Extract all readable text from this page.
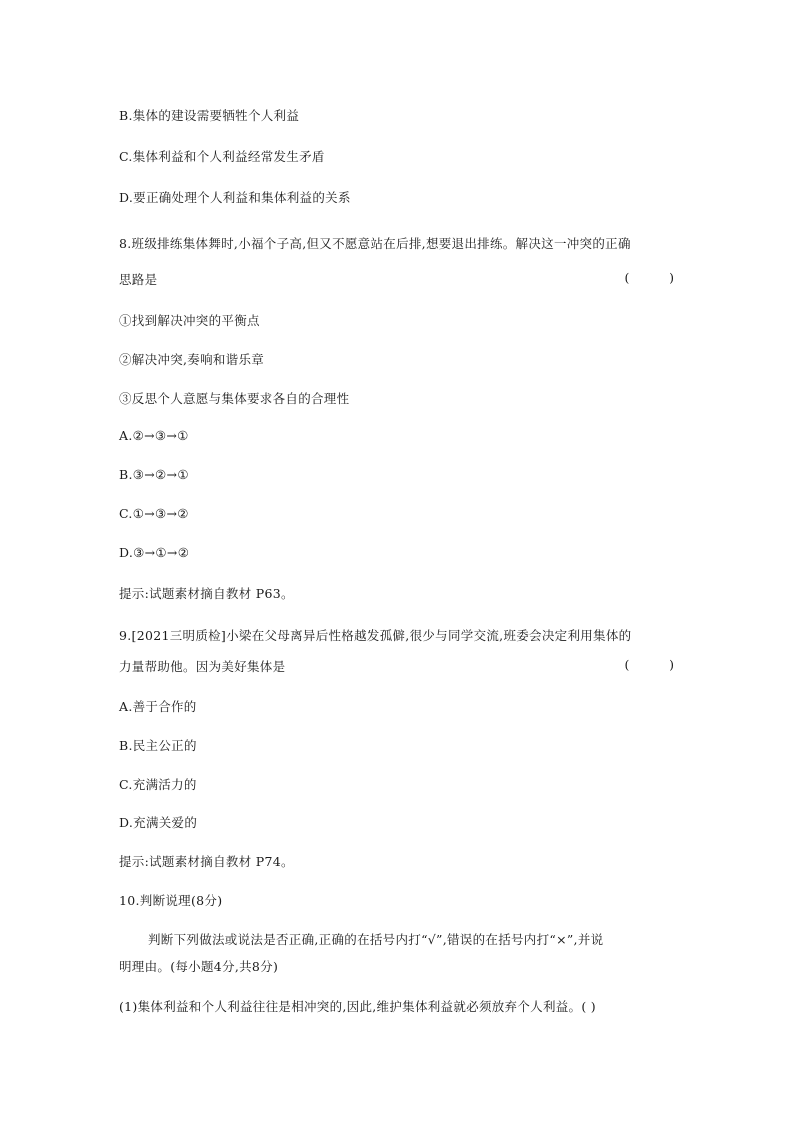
B.集体的建设需要牺牲个人利益
C.集体利益和个人利益经常发生矛盾
D.要正确处理个人利益和集体利益的关系
8.班级排练集体舞时,小福个子高,但又不愿意站在后排,想要退出排练。解决这一冲突的正确
思路是	(          )
①找到解决冲突的平衡点
②解决冲突,奏响和谐乐章
③反思个人意愿与集体要求各自的合理性
A.②→③→①
B.③→②→①
C.①→③→②
D.③→①→②
提示:试题素材摘自教材 P63。
9.[2021三明质检]小梁在父母离异后性格越发孤僻,很少与同学交流,班委会决定利用集体的
力量帮助他。因为美好集体是	(          )
A.善于合作的
B.民主公正的
C.充满活力的
D.充满关爱的
提示:试题素材摘自教材 P74。
10.判断说理(8分)
判断下列做法或说法是否正确,正确的在括号内打“√”,错误的在括号内打“×”,并说
明理由。(每小题4分,共8分)
(1)集体利益和个人利益往往是相冲突的,因此,维护集体利益就必须放弃个人利益。( )
